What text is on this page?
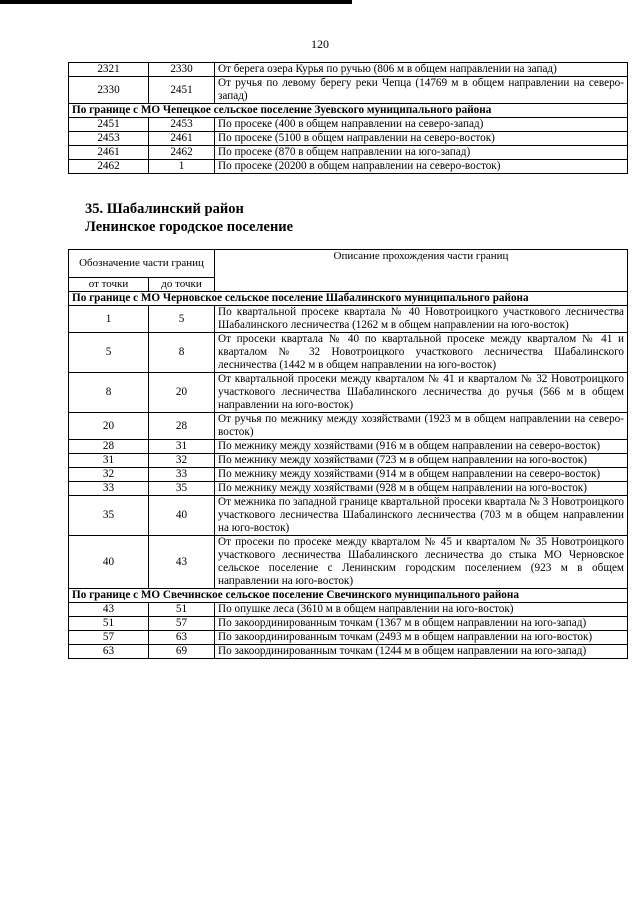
120
2321	2330	От берега озера Курья по ручью (806 м в общем направлении на запад)
2330	2451	От ручья по левому берегу реки Чепца (14769 м в общем направлении на северо-запад)
По границе с МО Чепецкое сельское поселение Зуевского муниципального района		
2451	2453	По просеке (400 в общем направлении на северо-запад)
2453	2461	По просеке (5100 в общем направлении на северо-восток)
2461	2462	По просеке (870 в общем направлении на юго-запад)
2462	1	По просеке (20200 в общем направлении на северо-восток)
35. Шабалинский район
Ленинское городское поселение
Обозначение части границ		Описание прохождения части границ
от точки	до точки	
По границе с МО Черновское сельское поселение Шабалинского муниципального района		
1	5	По квартальной просеке квартала № 40 Новотроицкого участкового лесничества Шабалинского лесничества (1262 м в общем направлении на юго-восток)
5	8	От просеки квартала № 40 по квартальной просеке между кварталом № 41 и кварталом № 32 Новотроицкого участкового лесничества Шабалинского лесничества (1442 м в общем направлении на юго-восток)
8	20	От квартальной просеки между кварталом № 41 и кварталом № 32 Новотроицкого участкового лесничества Шабалинского лесничества до ручья (566 м в общем направлении на юго-восток)
20	28	От ручья по межнику между хозяйствами (1923 м в общем направлении на северо-восток)
28	31	По межнику между хозяйствами (916 м в общем направлении на северо-восток)
31	32	По межнику между хозяйствами (723 м в общем направлении на юго-восток)
32	33	По межнику между хозяйствами (914 м в общем направлении на северо-восток)
33	35	По межнику между хозяйствами (928 м в общем направлении на юго-восток)
35	40	От межника по западной границе квартальной просеки квартала № 3 Новотроицкого участкового лесничества Шабалинского лесничества (703 м в общем направлении на юго-восток)
40	43	От просеки по просеке между кварталом № 45 и кварталом № 35 Новотроицкого участкового лесничества Шабалинского лесничества до стыка МО Черновское сельское поселение с Ленинским городским поселением (923 м в общем направлении на юго-восток)
По границе с МО Свечинское сельское поселение Свечинского муниципального района		
43	51	По опушке леса (3610 м в общем направлении на юго-восток)
51	57	По закоординированным точкам (1367 м в общем направлении на юго-запад)
57	63	По закоординированным точкам (2493 м в общем направлении на юго-восток)
63	69	По закоординированным точкам (1244 м в общем направлении на юго-запад)
